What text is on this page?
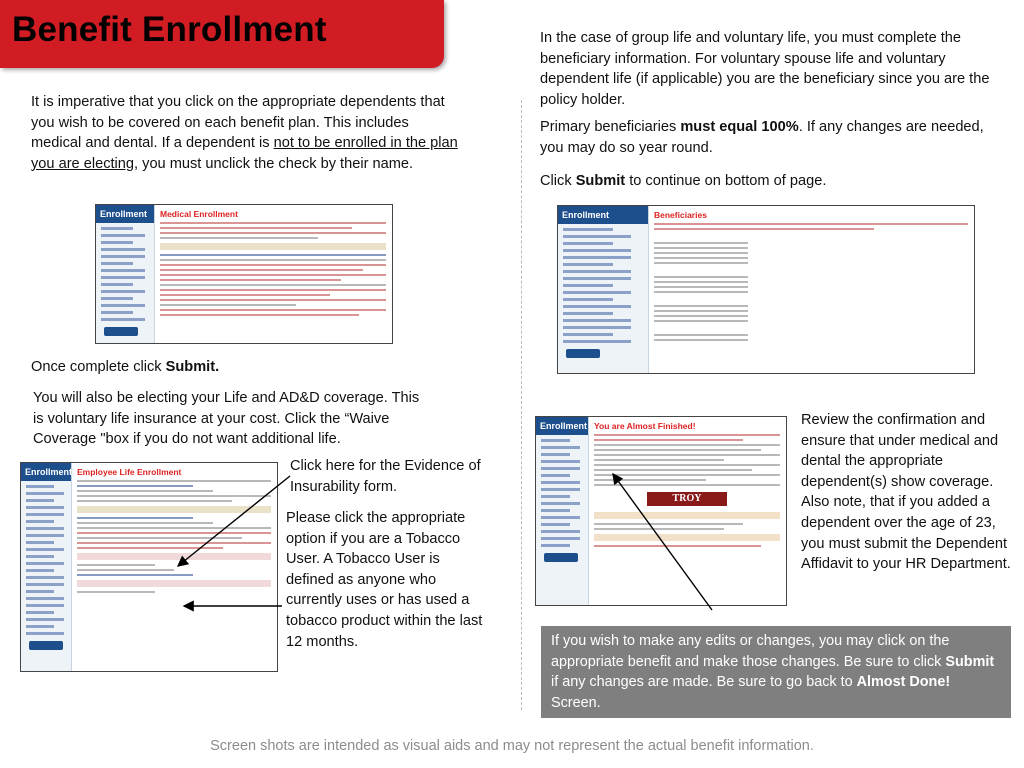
Benefit Enrollment
It is imperative that you click on the appropriate dependents that you wish to be covered on each benefit plan. This includes medical and dental. If a dependent is not to be enrolled in the plan you are electing, you must unclick the check by their name.
Enrollment	Medical Enrollment
Once complete click Submit.
You will also be electing your Life and AD&D coverage. This is voluntary life insurance at your cost. Click the “Waive Coverage "box if you do not want additional life.
Enrollment Employee Life Enrollment	Click here for the Evidence of Insurability form.
Please click the appropriate option if you are a Tobacco User. A Tobacco User is defined as anyone who currently uses or has used a tobacco product within the last 12 months.
In the case of group life and voluntary life, you must complete the beneficiary information. For voluntary spouse life and voluntary dependent life (if applicable) you are the beneficiary since you are the policy holder.
Primary beneficiaries must equal 100%. If any changes are needed, you may do so year round.
Click Submit to continue on bottom of page.
Enrollment	Beneficiaries
Enrollment You are Almost Finished!
TROY
Review the confirmation and ensure that under medical and dental the appropriate dependent(s) show coverage. Also note, that if you added a dependent over the age of 23, you must submit the Dependent Affidavit to your HR Department.
If you wish to make any edits or changes, you may click on the appropriate benefit and make those changes. Be sure to click Submit if any changes are made. Be sure to go back to Almost Done! Screen.
Screen shots are intended as visual aids and may not represent the actual benefit information.
